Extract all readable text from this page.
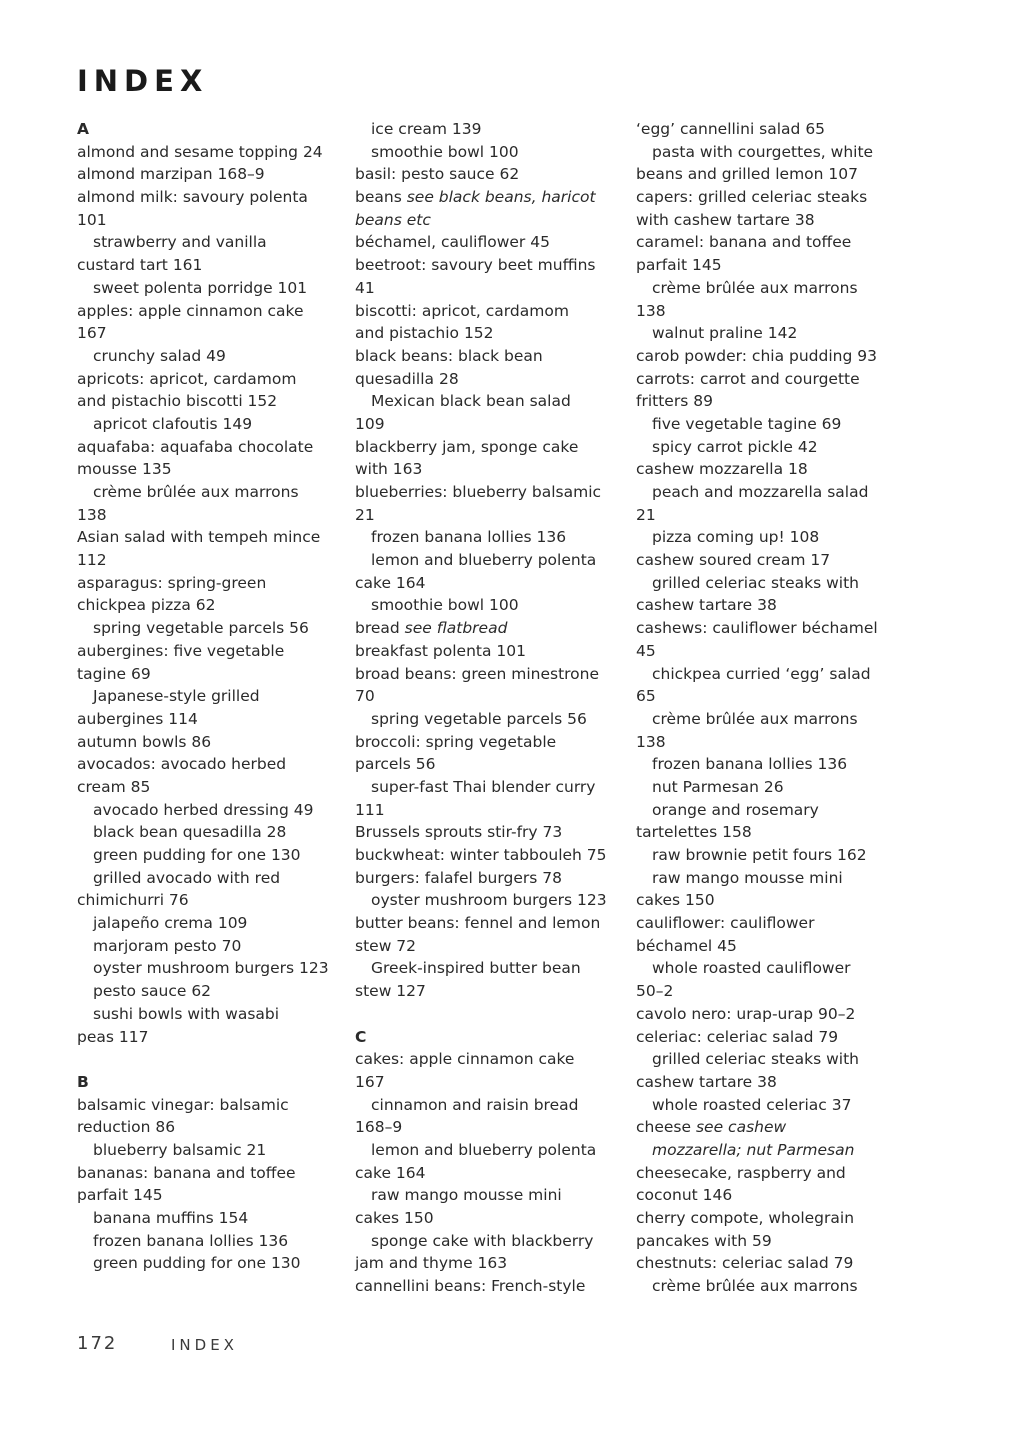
INDEX
A
almond and sesame topping 24
almond marzipan 168–9
almond milk: savoury polenta
101
strawberry and vanilla
custard tart 161
sweet polenta porridge 101
apples: apple cinnamon cake
167
crunchy salad 49
apricots: apricot, cardamom
and pistachio biscotti 152
apricot clafoutis 149
aquafaba: aquafaba chocolate
mousse 135
crème brûlée aux marrons
138
Asian salad with tempeh mince
112
asparagus: spring-green
chickpea pizza 62
spring vegetable parcels 56
aubergines: five vegetable
tagine 69
Japanese-style grilled
aubergines 114
autumn bowls 86
avocados: avocado herbed
cream 85
avocado herbed dressing 49
black bean quesadilla 28
green pudding for one 130
grilled avocado with red
chimichurri 76
jalapeño crema 109
marjoram pesto 70
oyster mushroom burgers 123
pesto sauce 62
sushi bowls with wasabi
peas 117
B
balsamic vinegar: balsamic
reduction 86
blueberry balsamic 21
bananas: banana and toffee
parfait 145
banana muffins 154
frozen banana lollies 136
green pudding for one 130
ice cream 139
smoothie bowl 100
basil: pesto sauce 62
beans see black beans, haricot
beans etc
béchamel, cauliflower 45
beetroot: savoury beet muffins
41
biscotti: apricot, cardamom
and pistachio 152
black beans: black bean
quesadilla 28
Mexican black bean salad
109
blackberry jam, sponge cake
with 163
blueberries: blueberry balsamic
21
frozen banana lollies 136
lemon and blueberry polenta
cake 164
smoothie bowl 100
bread see flatbread
breakfast polenta 101
broad beans: green minestrone
70
spring vegetable parcels 56
broccoli: spring vegetable
parcels 56
super-fast Thai blender curry
111
Brussels sprouts stir-fry 73
buckwheat: winter tabbouleh 75
burgers: falafel burgers 78
oyster mushroom burgers 123
butter beans: fennel and lemon
stew 72
Greek-inspired butter bean
stew 127
C
cakes: apple cinnamon cake
167
cinnamon and raisin bread
168–9
lemon and blueberry polenta
cake 164
raw mango mousse mini
cakes 150
sponge cake with blackberry
jam and thyme 163
cannellini beans: French-style
‘egg’ cannellini salad 65
pasta with courgettes, white
beans and grilled lemon 107
capers: grilled celeriac steaks
with cashew tartare 38
caramel: banana and toffee
parfait 145
crème brûlée aux marrons
138
walnut praline 142
carob powder: chia pudding 93
carrots: carrot and courgette
fritters 89
five vegetable tagine 69
spicy carrot pickle 42
cashew mozzarella 18
peach and mozzarella salad
21
pizza coming up! 108
cashew soured cream 17
grilled celeriac steaks with
cashew tartare 38
cashews: cauliflower béchamel
45
chickpea curried ‘egg’ salad
65
crème brûlée aux marrons
138
frozen banana lollies 136
nut Parmesan 26
orange and rosemary
tartelettes 158
raw brownie petit fours 162
raw mango mousse mini
cakes 150
cauliflower: cauliflower
béchamel 45
whole roasted cauliflower
50–2
cavolo nero: urap-urap 90–2
celeriac: celeriac salad 79
grilled celeriac steaks with
cashew tartare 38
whole roasted celeriac 37
cheese see cashew
mozzarella; nut Parmesan
cheesecake, raspberry and
coconut 146
cherry compote, wholegrain
pancakes with 59
chestnuts: celeriac salad 79
crème brûlée aux marrons
172	INDEX
